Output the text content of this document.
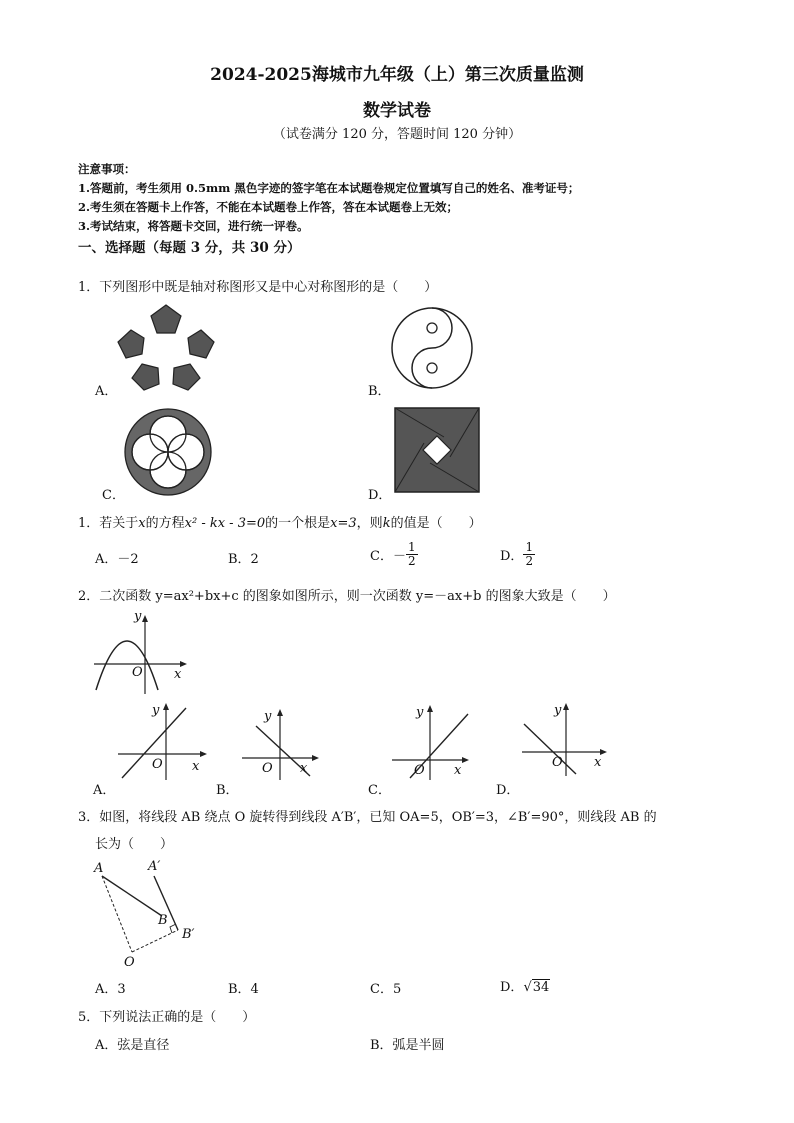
2024-2025海城市九年级（上）第三次质量监测
数学试卷
（试卷满分 120 分，答题时间 120 分钟）
注意事项：
1.答题前，考生须用 0.5mm 黑色字迹的签字笔在本试题卷规定位置填写自己的姓名、准考证号；
2.考生须在答题卡上作答，不能在本试题卷上作答，答在本试题卷上无效；
3.考试结束，将答题卡交回，进行统一评卷。
一、选择题（每题 3 分，共 30 分）
1．下列图形中既是轴对称图形又是中心对称图形的是（　　）
A．	B．
C．	D．
1．若关于x的方程x² - kx - 3=0的一个根是x=3，则k的值是（　　）
A．－2	B．2	C．－ $\frac{1}{2}$	D． $\frac{1}{2}$
2．二次函数 y=ax²+bx+c 的图象如图所示，则一次函数 y=－ax+b 的图象大致是（　　）
y
x
O
y
x
O
A．
y
x
O
B．
y
x
O
C．
y
x
O
D．
3．如图，将线段 AB 绕点 O 旋转得到线段 A′B′，已知 OA=5，OB′=3，∠B′=90°，则线段 AB 的
长为（　　）
A	A′
B
B′
O
A．3	B．4	C．5	D．√34
5．下列说法正确的是（　　）
A．弦是直径	B．弧是半圆
